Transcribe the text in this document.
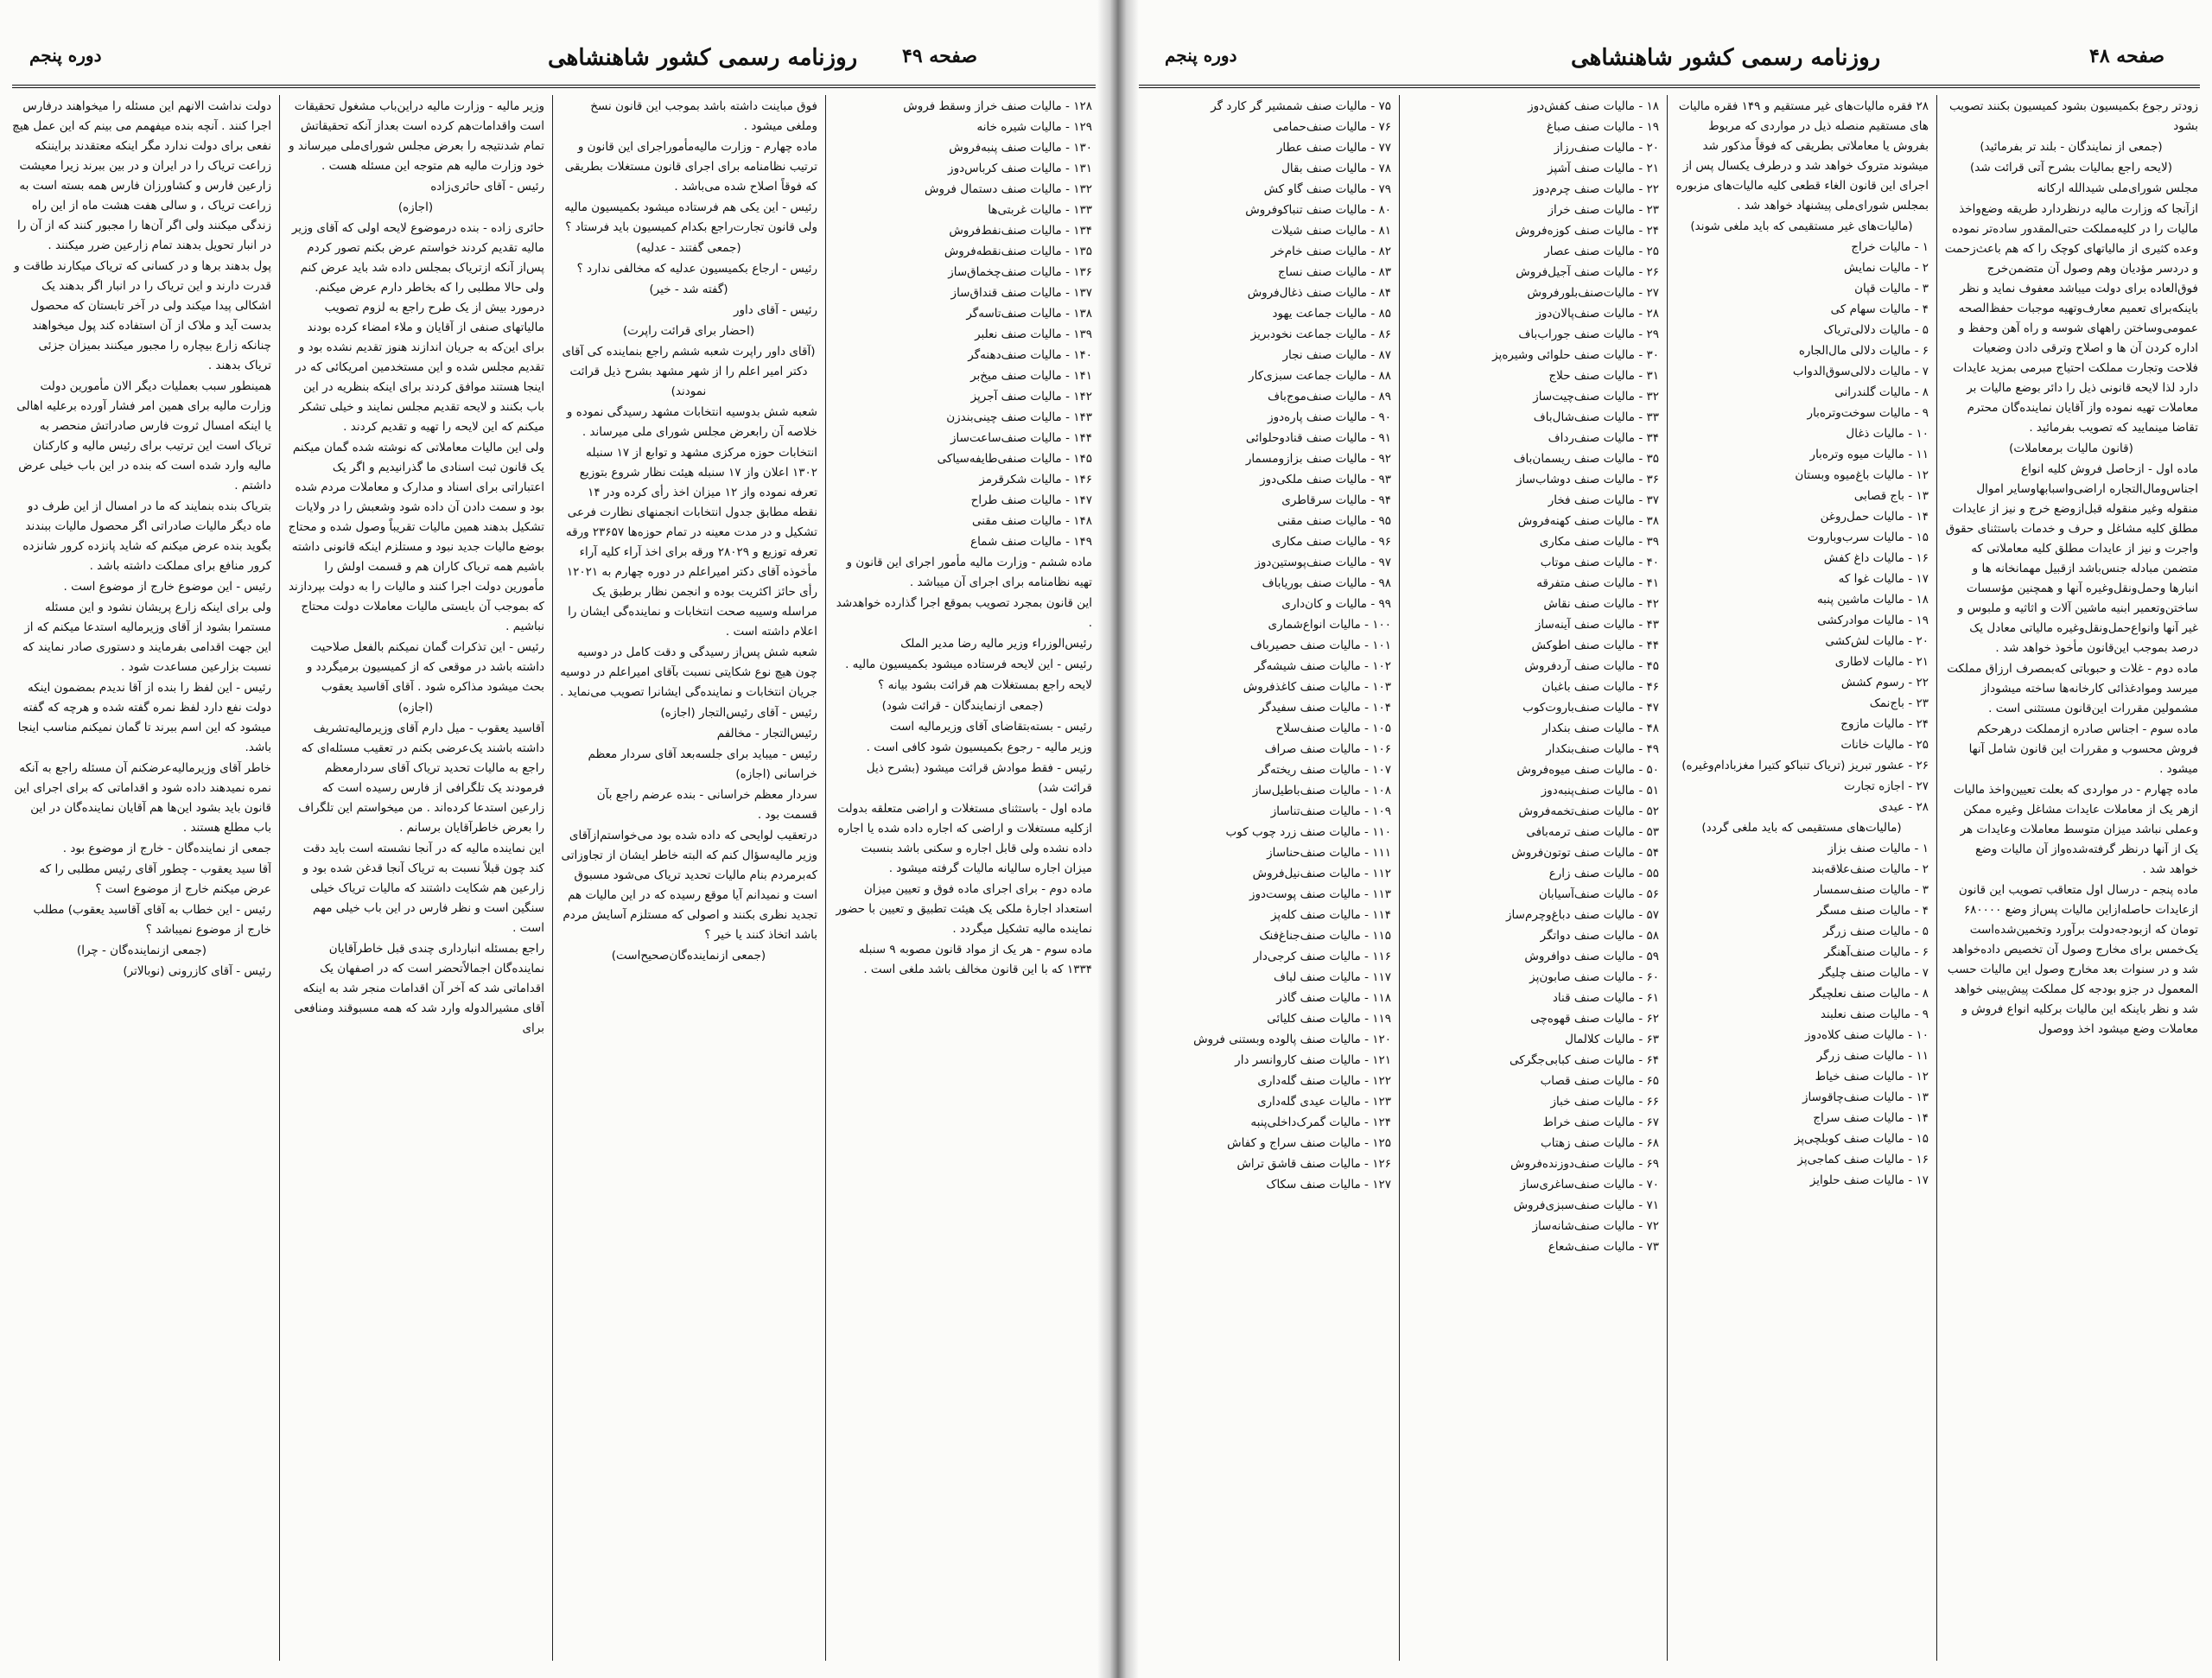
دوره پنجم	روزنامه رسمی کشور شاهنشاهی صفحه ۴۹

دولت نداشت الانهم این مسئله را میخواهند درفارس اجرا کنند . آنچه بنده میفهمم می بینم که این عمل هیچ نفعی برای دولت ندارد مگر اینکه معتقدند برایننکه زراعت تریاک را در ایران و در بین ببرند زیرا معیشت زارعین فارس و کشاورزان فارس همه بسته است به زراعت تریاک ، و سالی هفت هشت ماه از این راه زندگی میکنند ولی اگر آن‌ها را مجبور کنند که از آن را در انبار تحویل بدهند تمام زارعین ضرر میکنند .

پول بدهند برها و در کسانی که تریاک میکارند طاقت و قدرت دارند و این تریاک را در انبار اگر بدهند یک اشکالی پیدا میکند ولی در آخر تابستان که محصول بدست آید و ملاک از آن استفاده کند پول میخواهند چنانکه زارع بیچاره را مجبور میکنند بمیزان جزئی تریاک بدهند .

همینطور سبب بعملیات دیگر الان مأمورین دولت وزارت مالیه برای همین امر فشار آورده برعلیه اهالی یا اینکه امسال ثروت فارس صادراتش منحصر به تریاک است این ترتیب برای رئیس مالیه و کارکنان مالیه وارد شده است که بنده در این باب خیلی عرض داشتم .

بتریاک بنده بنمایند که ما در امسال از این طرف دو ماه دیگر مالیات صادراتی اگر محصول مالیات ببندند بگوید بنده عرض میکنم که شاید پانزده کرور شانزده کرور منافع برای مملکت داشته باشد .

رئیس - این موضوع خارج از موضوع است .

ولی برای اینکه زارع پریشان نشود و این مسئله مستمرا بشود از آقای وزیرمالیه استدعا میکنم که از این جهت اقدامی بفرمایند و دستوری صادر نمایند که نسبت بزارعین مساعدت شود .

رئیس - این لفظ را بنده از آقا ندیدم بمضمون اینکه دولت نفع دارد لفظ نمره گفته شده و هرچه که گفته میشود که این اسم ببرند تا گمان نمیکنم مناسب اینجا باشد.

خاطر آقای وزیرمالیه‌عرضکنم آن مسئله راجع به آنکه نمره نمیدهند داده شود و اقداماتی که برای اجرای این قانون باید بشود این‌ها هم آقایان نماینده‌گان در این باب مطلع هستند .

جمعی از نماینده‌گان - خارج از موضوع بود .

آقا سید یعقوب - چطور آقای رئیس مطلبی را که عرض میکنم خارج از موضوع است ؟

رئیس - این خطاب به آقای آقاسید یعقوب) مطلب خارج از موضوع نمیباشد ؟

(جمعی ازنماینده‌گان - چرا)

رئیس - آقای کازرونی (نوبالاتر)

وزیر مالیه - وزارت مالیه دراین‌باب مشغول تحقیقات است واقدامات‌هم کرده است بعداز آنکه تحقیقاتش تمام شدنتیجه را بعرض مجلس شورای‌ملی میرساند و خود وزارت مالیه هم متوجه این مسئله هست .

رئیس - آقای حائری‌زاده

(اجازه)

حائری زاده - بنده درموضوع لایحه اولی که آقای وزیر مالیه تقدیم کردند خواستم عرض بکنم تصور کردم پس‌از آنکه ازتریاک بمجلس داده شد باید عرض کنم ولی حالا مطلبی را که بخاطر دارم عرض میکنم. درمورد بیش از یک طرح راجع به لزوم تصویب مالیاتهای صنفی از آقایان و ملاء امضاء کرده بودند برای این‌که به جریان اندازند هنوز تقدیم نشده بود و تقدیم مجلس شده و این مستخدمین امریکائی که در اینجا هستند موافق کردند برای اینکه بنظریه در این باب بکنند و لایحه تقدیم مجلس نمایند و خیلی تشکر میکنم که این لایحه را تهیه و تقدیم کردند .

ولی این مالیات معاملاتی که نوشته شده گمان میکنم یک قانون ثبت اسنادی ما گذرانیدیم و اگر یک اعتباراتی برای اسناد و مدارک و معاملات مردم شده بود و سمت دادن آن داده شود وشعبش را در ولایات تشکیل بدهند همین مالیات تقریباً وصول شده و محتاج بوضع مالیات جدید نبود و مستلزم اینکه قانونی داشته باشیم همه تریاک کاران هم و قسمت اولش را مأمورین دولت اجرا کنند و مالیات را به دولت بپردازند که بموجب آن بایستی مالیات معاملات دولت محتاج نباشیم .

رئیس - این تذکرات گمان نمیکنم بالفعل صلاحیت داشته باشد در موقعی که از کمیسیون برمیگردد و بحث میشود مذاکره شود . آقای آقاسید یعقوب

(اجازه)

آقاسید یعقوب - میل دارم آقای وزیرمالیه‌تشریف داشته باشند یک‌عرضی بکنم در تعقیب مسئله‌ای که راجع به مالیات تحدید تریاک آقای سردارمعظم فرمودند یک تلگرافی از فارس رسیده است که زارعین استدعا کرده‌اند . من میخواستم این تلگراف را بعرض خاطرآقایان برسانم .

این نماینده مالیه که در آنجا نشسته است باید دقت کند چون قبلاً نسبت به تریاک آنجا قدغن شده بود و زارعین هم شکایت داشتند که مالیات تریاک خیلی سنگین است و نظر فارس در این باب خیلی مهم است .

راجع بمسئله انبارداری چندی قبل خاطرآقایان نماینده‌گان ‌اجمالاً‌تحضر است که در اصفهان یک اقداماتی شد که آخر آن اقدامات منجر شد به اینکه آقای مشیرالدوله وارد شد که همه مسبوقند ومنافعی برای

فوق مباینت داشته باشد بموجب این قانون نسخ وملغی میشود .

ماده چهارم - وزارت مالیه‌مأموراجرای این قانون و ترتیب نظامنامه برای اجرای قانون مستغلات بطریقی که فوقاً اصلاح شده می‌باشد .

رئیس - این یکی هم فرستاده میشود بکمیسیون مالیه ولی قانون تجارت‌راجع بکدام کمیسیون باید فرستاد ؟

(جمعی گفتند - عدلیه)

رئیس - ارجاع بکمیسیون عدلیه که مخالفی ندارد ؟

(گفته شد - خیر)

رئیس - آقای داور

(احضار برای قرائت راپرت)

(آقای داور راپرت شعبه ششم راجع بنماینده کی آقای دکتر امیر اعلم را از شهر مشهد بشرح ذیل قرائت نمودند)

شعبه شش بدوسیه انتخابات مشهد رسیدگی نموده و خلاصه آن رابعرض مجلس شورای ملی میرساند .

انتخابات حوزه مرکزی مشهد و توابع از ۱۷ سنبله ۱۳۰۲ اعلان واز ۱۷ سنبله هیئت نظار شروع بتوزیع تعرفه نموده واز ۱۲ میزان اخذ رأی کرده ودر ۱۴ نقطه مطابق جدول انتخابات انجمنهای نظارت فرعی تشکیل و در مدت معینه در تمام حوزه‌ها ۲۳۶۵۷ ورقه تعرفه توزیع و ۲۸۰۲۹ ورقه برای اخذ آراء کلیه آراء مأخوذه آقای دکتر امیراعلم در دوره چهارم به ۱۲۰۲۱ رأی حائز اکثریت بوده و انجمن نظار برطبق یک مراسله وسیبه صحت انتخابات و نماینده‌گی ایشان را اعلام داشته است .

شعبه شش پس‌از رسیدگی و دقت کامل در دوسیه چون هیچ نوع شکایتی نسبت بآقای امیراعلم در دوسیه جریان انتخابات و نماینده‌گی ایشانرا تصویب می‌نماید .

رئیس - آقای رئیس‌التجار (اجازه)

رئیس‌التجار - مخالفم

رئیس - میباید برای جلسه‌بعد آقای سردار معظم خراسانی (اجازه)

سردار معظم خراسانی - بنده عرضم راجع بآن قسمت بود .

درتعقیب لوایحی که داده شده بود می‌خواستم‌ازآقای وزیر مالیه‌سؤال کنم که البته خاطر ایشان از تجاوزاتی که‌برمردم بنام مالیات تحدید تریاک می‌شود مسبوق است و نمیدانم آیا موقع رسیده که در این مالیات هم تجدید نظری بکنند و اصولی که مستلزم آسایش مردم باشد اتخاذ کنند یا خیر ؟

(جمعی ازنماینده‌گان‌صحیح‌است)

۱۲۸ - مالیات صنف خراز وسقط فروش

۱۲۹ - مالیات شیره خانه

۱۳۰ - مالیات صنف پنبه‌فروش

۱۳۱ - مالیات صنف کرباس‌دوز

۱۳۲ - مالیات صنف دستمال فروش

۱۳۳ - مالیات غربتی‌ها

۱۳۴ - مالیات صنف‌نفط‌فروش

۱۳۵ - مالیات صنف‌نقطه‌فروش

۱۳۶ - مالیات صنف‌چخماق‌ساز

۱۳۷ - مالیات صنف قنداق‌ساز

۱۳۸ - مالیات صنف‌تاسه‌گر

۱۳۹ - مالیات صنف نعلبر

۱۴۰ - مالیات صنف‌دهنه‌گر

۱۴۱ - مالیات صنف میخ‌بر

۱۴۲ - مالیات صنف آجرپز

۱۴۳ - مالیات صنف چینی‌بندزن

۱۴۴ - مالیات صنف‌ساعت‌ساز

۱۴۵ - مالیات صنفی‌طایفه‌سیاکی

۱۴۶ - مالیات شکرقرمز

۱۴۷ - مالیات صنف طراح

۱۴۸ - مالیات صنف مقنی

۱۴۹ - مالیات صنف شماع

ماده ششم - وزارت مالیه مأمور اجرای این قانون و تهیه نظامنامه برای اجرای آن میباشد .

این قانون بمجرد تصویب بموقع اجرا گذارده خواهدشد .

رئیس‌الوزراء وزیر مالیه رضا مدیر الملک

رئیس - این لایحه فرستاده میشود بکمیسیون مالیه .

لایحه راجع بمستغلات هم قرائت بشود بیانه ؟

(جمعی ازنمایندگان - قرائت شود)

رئیس - بسته‌بتقاضای آقای وزیرمالیه است

وزیر مالیه - رجوع بکمیسیون شود کافی است .

رئیس - فقط موادش قرائت میشود (بشرح ذیل قرائت شد)

ماده اول - باستثنای مستغلات و اراضی متعلقه بدولت ازکلیه مستغلات و اراضی که اجاره داده شده یا اجاره داده نشده ولی قابل اجاره و سکنی باشد بنسبت میزان اجاره سالیانه مالیات گرفته میشود .

ماده دوم - برای اجرای ماده فوق و تعیین میزان استعداد اجارهٔ ملکی یک هیئت تطبیق و تعیین با حضور نماینده مالیه تشکیل میگردد .

ماده سوم - هر یک از مواد قانون مصوبه ۹ سنبله ۱۳۳۴ که با این قانون مخالف باشد ملغی است .

دوره پنجم	روزنامه رسمی کشور شاهنشاهی	صفحه ۴۸

۷۵ - مالیات صنف شمشیر گر کارد گر

۷۶ - مالیات صنف‌حمامی

۷۷ - مالیات صنف عطار

۷۸ - مالیات صنف بقال

۷۹ - مالیات صنف گاو کش

۸۰ - مالیات صنف تنباکوفروش

۸۱ - مالیات صنف شیلات

۸۲ - مالیات صنف خام‌خر

۸۳ - مالیات صنف نساج

۸۴ - مالیات صنف ذغال‌فروش

۸۵ - مالیات جماعت یهود

۸۶ - مالیات جماعت نخودبریز

۸۷ - مالیات صنف نجار

۸۸ - مالیات جماعت سبزی‌کار

۸۹ - مالیات صنف‌موج‌باف

۹۰ - مالیات صنف پاره‌دوز

۹۱ - مالیات صنف قنادوحلوائی

۹۲ - مالیات صنف بزازومسمار

۹۳ - مالیات صنف ملکی‌دوز

۹۴ - مالیات سرقاطری

۹۵ - مالیات صنف مقنی

۹۶ - مالیات صنف مکاری

۹۷ - مالیات صنف‌پوستین‌دوز

۹۸ - مالیات صنف بوریاباف

۹۹ - مالیات و کان‌داری

۱۰۰ - مالیات انواع‌شماری

۱۰۱ - مالیات صنف حصیرباف

۱۰۲ - مالیات صنف شیشه‌گر

۱۰۳ - مالیات صنف کاغذفروش

۱۰۴ - مالیات صنف سفیدگر

۱۰۵ - مالیات صنف‌سلاح

۱۰۶ - مالیات صنف صراف

۱۰۷ - مالیات صنف ریخته‌گر

۱۰۸ - مالیات صنف‌باطیل‌ساز

۱۰۹ - مالیات صنف‌تناساز

۱۱۰ - مالیات صنف زرد چوب کوب

۱۱۱ - مالیات صنف‌حناساز

۱۱۲ - مالیات صنف‌نیل‌فروش

۱۱۳ - مالیات صنف پوست‌دوز

۱۱۴ - مالیات صنف کله‌پز

۱۱۵ - مالیات صنف‌جناغ‌فنک

۱۱۶ - مالیات صنف کرجی‌دار

۱۱۷ - مالیات صنف لباف

۱۱۸ - مالیات صنف گاذر

۱۱۹ - مالیات صنف کلیائی

۱۲۰ - مالیات صنف پالوده وبستنی فروش

۱۲۱ - مالیات صنف کاروانسر دار

۱۲۲ - مالیات صنف گله‌داری

۱۲۳ - مالیات عیدی گله‌داری

۱۲۴ - مالیات گمرک‌داخلی‌پنبه

۱۲۵ - مالیات صنف سراج و کفاش

۱۲۶ - مالیات صنف قاشق تراش

۱۲۷ - مالیات صنف سکاک

۱۸ - مالیات صنف کفش‌دوز

۱۹ - مالیات صنف صباغ

۲۰ - مالیات صنف‌رزاز

۲۱ - مالیات صنف آشپز

۲۲ - مالیات صنف چرم‌دوز

۲۳ - مالیات صنف خراز

۲۴ - مالیات صنف کوزه‌فروش

۲۵ - مالیات صنف عصار

۲۶ - مالیات صنف آجیل‌فروش

۲۷ - مالیات‌صنف‌بلورفروش

۲۸ - مالیات صنف‌پالان‌دوز

۲۹ - مالیات صنف جوراب‌باف

۳۰ - مالیات صنف حلوائی وشیره‌پز

۳۱ - مالیات صنف حلاج

۳۲ - مالیات صنف‌چیت‌ساز

۳۳ - مالیات صنف‌شال‌باف

۳۴ - مالیات صنف‌رداف

۳۵ - مالیات صنف ریسمان‌باف

۳۶ - مالیات صنف دوشاب‌ساز

۳۷ - مالیات صنف فخار

۳۸ - مالیات صنف کهنه‌فروش

۳۹ - مالیات صنف مکاری

۴۰ - مالیات صنف موتاب

۴۱ - مالیات صنف متفرقه

۴۲ - مالیات صنف نقاش

۴۳ - مالیات صنف آینه‌ساز

۴۴ - مالیات صنف اطوکش

۴۵ - مالیات صنف آردفروش

۴۶ - مالیات صنف باغبان

۴۷ - مالیات صنف‌باروت‌کوب

۴۸ - مالیات صنف بنکدار

۴۹ - مالیات صنف‌بنکدار

۵۰ - مالیات صنف میوه‌فروش

۵۱ - مالیات صنف‌پنبه‌دوز

۵۲ - مالیات صنف‌تخمه‌فروش

۵۳ - مالیات صنف ترمه‌بافی

۵۴ - مالیات صنف توتون‌فروش

۵۵ - مالیات صنف زارع

۵۶ - مالیات صنف‌آسیابان

۵۷ - مالیات صنف دباغ‌وچرم‌ساز

۵۸ - مالیات صنف دواتگر

۵۹ - مالیات صنف دوافروش

۶۰ - مالیات صنف صابون‌پز

۶۱ - مالیات صنف قناد

۶۲ - مالیات صنف قهوه‌چی

۶۳ - مالیات کلالمال

۶۴ - مالیات صنف کبابی‌جگرکی

۶۵ - مالیات صنف قصاب

۶۶ - مالیات صنف خباز

۶۷ - مالیات صنف خراط

۶۸ - مالیات صنف زهتاب

۶۹ - مالیات صنف‌دوزنده‌فروش

۷۰ - مالیات صنف‌ساغری‌ساز

۷۱ - مالیات صنف‌سبزی‌فروش

۷۲ - مالیات صنف‌شانه‌ساز

۷۳ - مالیات صنف‌شعاع

۲۸ فقره مالیات‌های غیر مستقیم و ۱۴۹ فقره مالیات های مستقیم منصله ذیل در مواردی که مربوط بفروش یا معاملاتی بطریقی که فوقاً مذکور شد میشوند متروک خواهد شد و درطرف یکسال پس از اجرای این قانون الغاء قطعی کلیه مالیات‌های مزبوره بمجلس شورای‌ملی پیشنهاد خواهد شد .

(مالیات‌های غیر مستقیمی که باید ملغی شوند)

۱ - مالیات خراج

۲ - مالیات نمایش

۳ - مالیات قپان

۴ - مالیات سهام کی

۵ - مالیات دلالی‌تریاک

۶ - مالیات دلالی مال‌الجاره

۷ - مالیات دلالی‌سوق‌الدواب

۸ - مالیات گلندرانی

۹ - مالیات سوخت‌وتره‌بار

۱۰ - مالیات ذغال

۱۱ - مالیات میوه وتره‌بار

۱۲ - مالیات باغ‌میوه وبستان

۱۳ - باج قصابی

۱۴ - مالیات حمل‌روغن

۱۵ - مالیات سرب‌وباروت

۱۶ - مالیات داغ کفش

۱۷ - مالیات غوا که

۱۸ - مالیات ماشین پنبه

۱۹ - مالیات موادرکشی

۲۰ - مالیات لش‌کشی

۲۱ - مالیات لاطاری

۲۲ - رسوم کشش

۲۳ - باج‌نمک

۲۴ - مالیات مازوج

۲۵ - مالیات خانات

۲۶ - عشور تبریز (تریاک تنباکو کتیرا مغزبادام‌وغیره)

۲۷ - اجازه تجارت

۲۸ - عیدی

(مالیات‌های مستقیمی که باید ملغی گردد)

۱ - مالیات صنف بزاز

۲ - مالیات صنف‌علاقه‌بند

۳ - مالیات صنف‌سمسار

۴ - مالیات صنف مسگر

۵ - مالیات صنف زرگر

۶ - مالیات صنف‌آهنگر

۷ - مالیات صنف چلیگر

۸ - مالیات صنف نعلچیگر

۹ - مالیات صنف نعلبند

۱۰ - مالیات صنف کلاه‌دوز

۱۱ - مالیات صنف زرگر

۱۲ - مالیات صنف خیاط

۱۳ - مالیات صنف‌چاقوساز

۱۴ - مالیات صنف سراج

۱۵ - مالیات صنف کوبلچی‌پز

۱۶ - مالیات صنف کماجی‌پز

۱۷ - مالیات صنف حلوایز

زودتر رجوع بکمیسیون بشود کمیسیون بکنند تصویب بشود

(جمعی از نمایندگان - بلند تر بفرمائید)

(لایحه راجع بمالیات بشرح آتی قرائت شد)

مجلس شورای‌ملی شیدالله ارکانه

ازآنجا که وزارت مالیه درنظردارد طریقه وضع‌واخذ مالیات را در کلیه‌مملکت حتی‌المقدور ساده‌تر نموده وعده کثیری از مالیاتهای کوچک را که هم باعث‌زحمت و دردسر مؤدیان وهم وصول آن متضمن‌خرج فوق‌العاده برای دولت میباشد معفوف نماید و نظر باینکه‌برای تعمیم معارف‌وتهیه موجبات حفظ‌الصحه عمومی‌وساختن راههای شوسه و راه آهن وحفظ و اداره کردن آن ها و اصلاح وترقی دادن وضعیات فلاحت وتجارت مملکت احتیاج مبرمی بمزید عایدات دارد لذا لایحه قانونی ذیل را دائر بوضع مالیات بر معاملات تهیه نموده واز آقایان نماینده‌گان محترم تقاضا مینمایید که تصویب بفرمائید .

(قانون مالیات برمعاملات)

ماده اول - ازحاصل فروش کلیه انواع اجناس‌ومال‌التجاره اراضی‌واسبابهاوسایر اموال منقوله وغیر منقوله قبل‌ازوضع خرج و نیز از عایدات مطلق کلیه مشاغل و حرف و خدمات باستثنای حقوق واجرت و نیز از عایدات مطلق کلیه معاملاتی که متضمن مبادله جنس‌باشد ازقبیل مهمانخانه ها و انبارها وحمل‌ونقل‌وغیره آنها و همچنین مؤسسات ساختن‌وتعمیر ابنیه ماشین آلات و اثاثیه و ملبوس و غیر آنها وانواع‌حمل‌ونقل‌وغیره مالیاتی معادل یک درصد بموجب این‌قانون مأخوذ خواهد شد .

ماده دوم - غلات و حبوباتی که‌بمصرف ارزاق مملکت میرسد وموادغذائی کارخانه‌ها ساخته میشوداز مشمولین مقررات این‌قانون مستثنی است .

ماده سوم - اجناس صادره ازمملکت درهرحکم فروش محسوب و مقررات این قانون شامل آنها میشود .

ماده چهارم - در مواردی که بعلت تعیین‌واخذ مالیات ازهر یک از معاملات عایدات مشاغل وغیره ممکن وعملی نباشد میزان متوسط معاملات وعایدات هر یک از آنها درنظر گرفته‌شده‌واز آن مالیات وضع خواهد شد .

ماده پنجم - درسال اول متعاقب تصویب این قانون ازعایدات حاصله‌ازاین مالیات پس‌از وضع ۶۸۰۰۰۰ تومان که ازبودجه‌دولت برآورد وتخمین‌شده‌است یک‌خمس برای مخارج وصول آن تخصیص داده‌خواهد شد و در سنوات بعد مخارج وصول این مالیات حسب المعمول در جزو بودجه کل مملکت پیش‌بینی خواهد شد و نظر باینکه این مالیات برکلیه انواع فروش و معاملات وضع میشود اخذ ووصول
